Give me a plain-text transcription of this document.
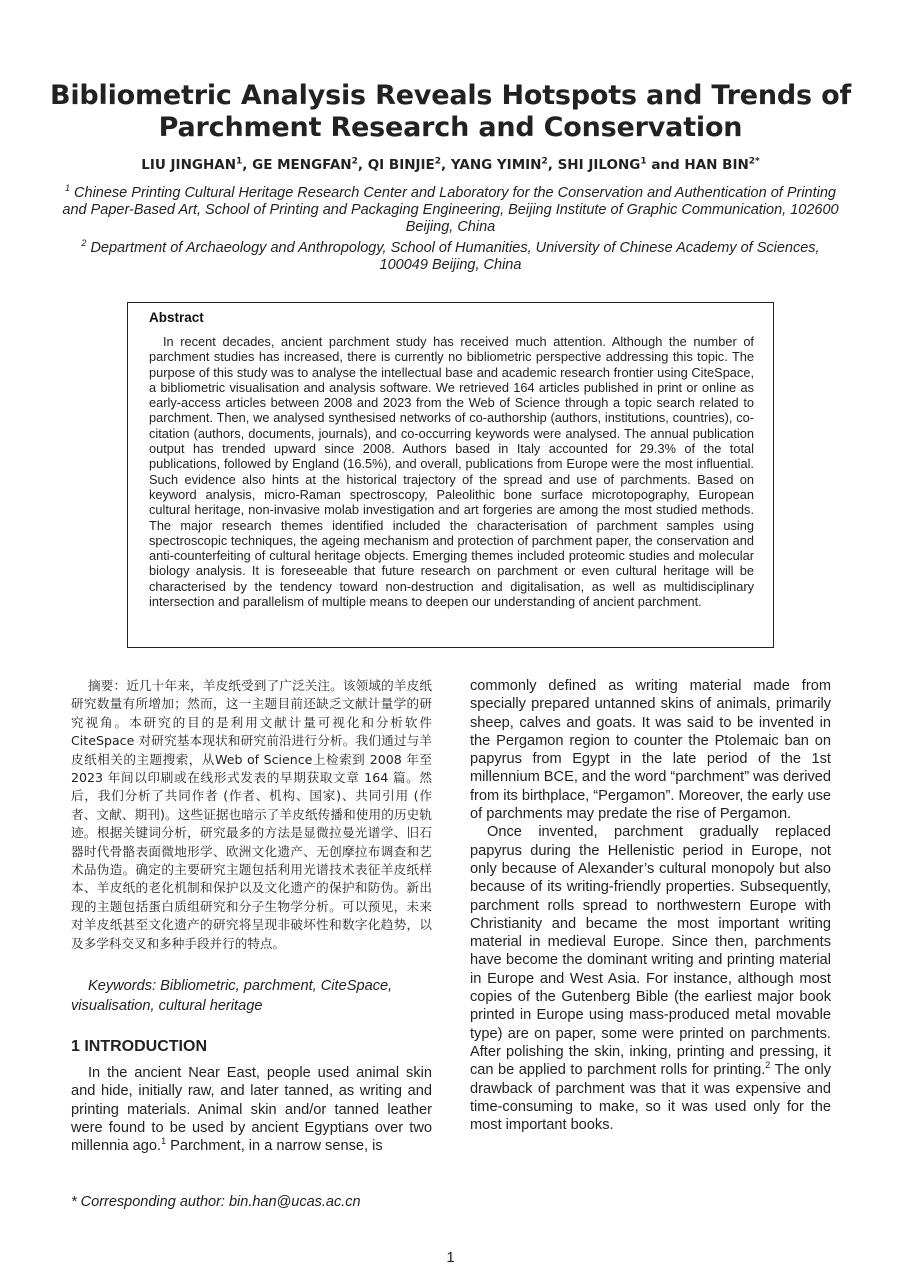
Bibliometric Analysis Reveals Hotspots and Trends of Parchment Research and Conservation
LIU JINGHAN$^1$, GE MENGFAN$^2$, QI BINJIE$^2$, YANG YIMIN$^2$, SHI JILONG$^1$ and HAN $BIN^{2*}$
$^1$ Chinese Printing Cultural Heritage Research Center and Laboratory for the Conservation and Authentication of Printing and Paper-Based Art, School of Printing and Packaging Engineering, Beijing Institute of Graphic Communication, 102600 Beijing, China
$^2$ Department of Archaeology and Anthropology, School of Humanities, University of Chinese Academy of Sciences, 100049 Beijing, China
Abstract

In recent decades, ancient parchment study has received much attention. Although the number of parchment studies has increased, there is currently no bibliometric perspective addressing this topic. The purpose of this study was to analyse the intellectual base and academic research frontier using CiteSpace, a bibliometric visualisation and analysis software. We retrieved 164 articles published in print or online as early-access articles between 2008 and 2023 from the Web of Science through a topic search related to parchment. Then, we analysed synthesised networks of co-authorship (authors, institutions, countries), co-citation (authors, documents, journals), and co-occurring keywords were analysed. The annual publication output has trended upward since 2008. Authors based in Italy accounted for 29.3% of the total publications, followed by England (16.5%), and overall, publications from Europe were the most influential. Such evidence also hints at the historical trajectory of the spread and use of parchments. Based on keyword analysis, micro-Raman spectroscopy, Paleolithic bone surface microtopography, European cultural heritage, non-invasive molab investigation and art forgeries are among the most studied methods. The major research themes identified included the characterisation of parchment samples using spectroscopic techniques, the ageing mechanism and protection of parchment paper, the conservation and anti-counterfeiting of cultural heritage objects. Emerging themes included proteomic studies and molecular biology analysis. It is foreseeable that future research on parchment or even cultural heritage will be characterised by the tendency toward non-destruction and digitalisation, as well as multidisciplinary intersection and parallelism of multiple means to deepen our understanding of ancient parchment.

摘要：近几十年来，羊皮纸受到了广泛关注。该领域的羊皮纸研究数量有所增加；然而，这一主题目前还缺乏文献计量学的研究视角。本研究的目的是利用文献计量可视化和分析软件 CiteSpace 对研究基本现状和研究前沿进行分析。我们通过与羊皮纸相关的主题搜索，从Web of Science上检索到 2008 年至 2023 年间以印刷或在线形式发表的早期获取文章 164 篇。然后，我们分析了共同作者 (作者、机构、国家)、共同引用 (作者、文献、期刊)。这些证据也暗示了羊皮纸传播和使用的历史轨迹。根据关键词分析，研究最多的方法是显微拉曼光谱学、旧石器时代骨骼表面微地形学、欧洲文化遗产、无创摩拉布调查和艺术品伪造。确定的主要研究主题包括利用光谱技术表征羊皮纸样本、羊皮纸的老化机制和保护以及文化遗产的保护和防伪。新出现的主题包括蛋白质组研究和分子生物学分析。可以预见，未来对羊皮纸甚至文化遗产的研究将呈现非破坏性和数字化趋势，以及多学科交叉和多种手段并行的特点。

Keywords: Bibliometric, parchment, CiteSpace, visualisation, cultural heritage

1 INTRODUCTION

In the ancient Near East, people used animal skin and hide, initially raw, and later tanned, as writing and printing materials. Animal skin and/or tanned leather were found to be used by ancient Egyptians over two millennia ago.$^1$ Parchment, in a narrow sense, is

commonly defined as writing material made from specially prepared untanned skins of animals, primarily sheep, calves and goats. It was said to be invented in the Pergamon region to counter the Ptolemaic ban on papyrus from Egypt in the late period of the 1st millennium BCE, and the word “parchment” was derived from its birthplace, “Pergamon”. Moreover, the early use of parchments may predate the rise of Pergamon.

Once invented, parchment gradually replaced papyrus during the Hellenistic period in Europe, not only because of Alexander’s cultural monopoly but also because of its writing-friendly properties. Subsequently, parchment rolls spread to northwestern Europe with Christianity and became the most important writing material in medieval Europe. Since then, parchments have become the dominant writing and printing material in Europe and West Asia. For instance, although most copies of the Gutenberg Bible (the earliest major book printed in Europe using mass-produced metal movable type) are on paper, some were printed on parchments. After polishing the skin, inking, printing and pressing, it can be applied to parchment rolls for printing.$^2$ The only drawback of parchment was that it was expensive and time-consuming to make, so it was used only for the most important books.

* Corresponding author: bin.han@ucas.ac.cn
1
